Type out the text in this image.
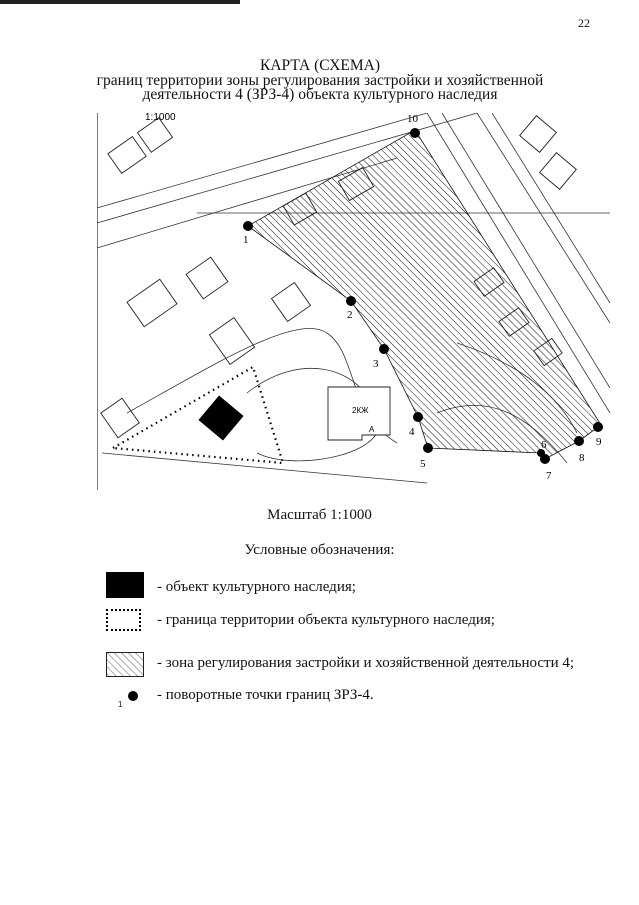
22
КАРТА (СХЕМА)
границ территории зоны регулирования застройки и хозяйственной
деятельности 4 (ЗРЗ-4) объекта культурного наследия
2КЖ
А
1:1000
1
2
3
4
5
6
7
8
9
10
Масштаб 1:1000
Условные обозначения:
- объект культурного наследия;
- граница территории объекта культурного наследия;
- зона регулирования застройки и хозяйственной деятельности 4;
1
- поворотные точки границ ЗРЗ-4.
